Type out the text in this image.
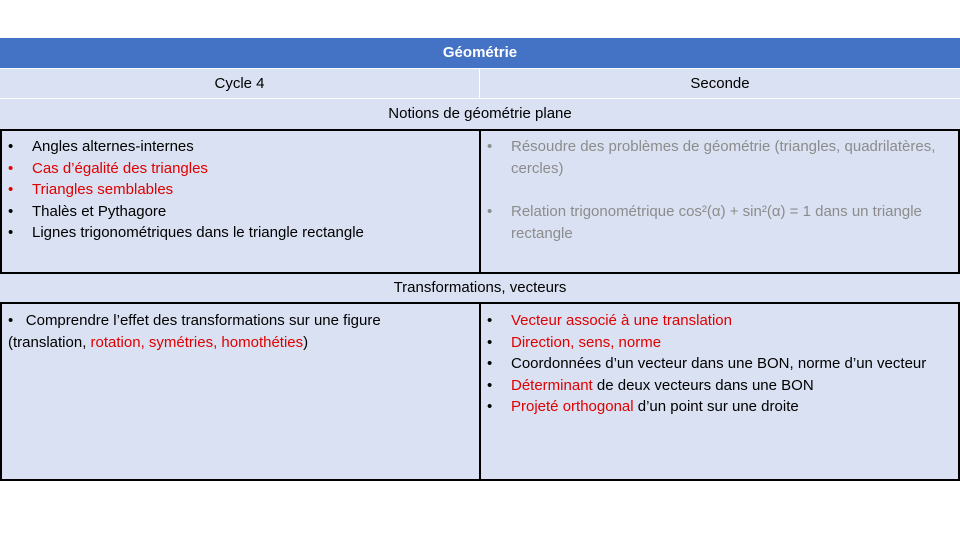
Géométrie
Cycle 4	Seconde
Notions de géométrie plane
• Angles alternes-internes
• Cas d’égalité des triangles
• Triangles semblables
• Thalès et Pythagore
• Lignes trigonométriques dans le triangle rectangle
• Résoudre des problèmes de géométrie (triangles, quadrilatères, cercles)
• Relation trigonométrique cos²(α) + sin²(α) = 1 dans un triangle rectangle
Transformations, vecteurs
•   Comprendre l’effet des transformations sur une figure
(translation, rotation, symétries, homothéties)
• Vecteur associé à une translation
• Direction, sens, norme
• Coordonnées d’un vecteur dans une BON, norme d’un vecteur
• Déterminant de deux vecteurs dans une BON
• Projeté orthogonal d’un point sur une droite
